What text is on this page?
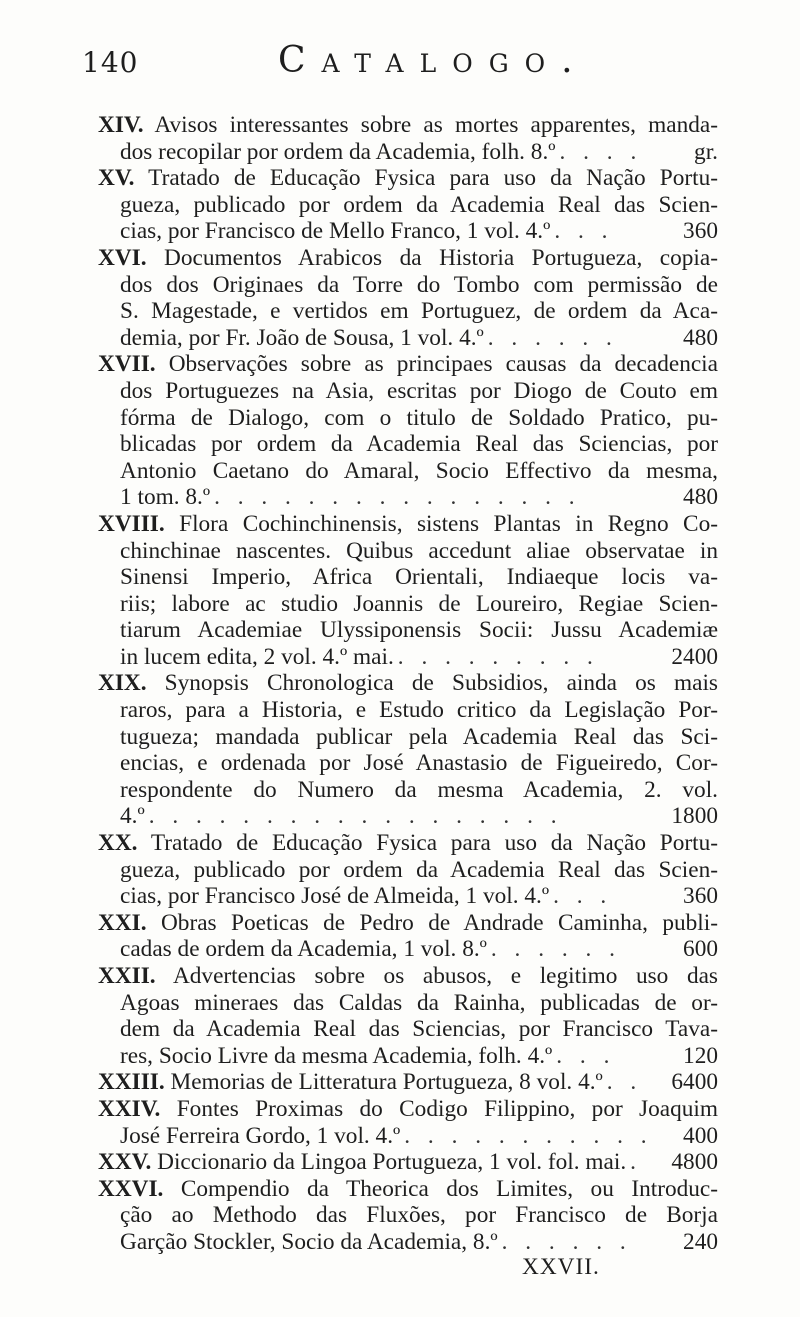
140	Catalogo.
XIV. Avisos interessantes sobre as mortes apparentes, manda-
dos recopilar por ordem da Academia, folh. 8.º . . . .	gr.
XV. Tratado de Educação Fysica para uso da Nação Portu-
gueza, publicado por ordem da Academia Real das Scien-
cias, por Francisco de Mello Franco, 1 vol. 4.º . . .	360
XVI. Documentos Arabicos da Historia Portugueza, copia-
dos dos Originaes da Torre do Tombo com permissão de
S. Magestade, e vertidos em Portuguez, de ordem da Aca-
demia, por Fr. João de Sousa, 1 vol. 4.º . . . . . .	480
XVII. Observações sobre as principaes causas da decadencia
dos Portuguezes na Asia, escritas por Diogo de Couto em
fórma de Dialogo, com o titulo de Soldado Pratico, pu-
blicadas por ordem da Academia Real das Sciencias, por
Antonio Caetano do Amaral, Socio Effectivo da mesma,
1 tom. 8.º . . . . . . . . . . . . . . . .	480
XVIII. Flora Cochinchinensis, sistens Plantas in Regno Co-
chinchinae nascentes. Quibus accedunt aliae observatae in
Sinensi Imperio, Africa Orientali, Indiaeque locis va-
riis; labore ac studio Joannis de Loureiro, Regiae Scien-
tiarum Academiae Ulyssiponensis Socii: Jussu Academiæ
in lucem edita, 2 vol. 4.º mai. . . . . . . . . .	2400
XIX. Synopsis Chronologica de Subsidios, ainda os mais
raros, para a Historia, e Estudo critico da Legislação Por-
tugueza; mandada publicar pela Academia Real das Sci-
encias, e ordenada por José Anastasio de Figueiredo, Cor-
respondente do Numero da mesma Academia, 2. vol.
4.º . . . . . . . . . . . . . . . . . .	1800
XX. Tratado de Educação Fysica para uso da Nação Portu-
gueza, publicado por ordem da Academia Real das Scien-
cias, por Francisco José de Almeida, 1 vol. 4.º . . .	360
XXI. Obras Poeticas de Pedro de Andrade Caminha, publi-
cadas de ordem da Academia, 1 vol. 8.º . . . . . .	600
XXII. Advertencias sobre os abusos, e legitimo uso das
Agoas mineraes das Caldas da Rainha, publicadas de or-
dem da Academia Real das Sciencias, por Francisco Tava-
res, Socio Livre da mesma Academia, folh. 4.º . . .	120
XXIII. Memorias de Litteratura Portugueza, 8 vol. 4.º . .	6400
XXIV. Fontes Proximas do Codigo Filippino, por Joaquim
José Ferreira Gordo, 1 vol. 4.º . . . . . . . . . . .	400
XXV. Diccionario da Lingoa Portugueza, 1 vol. fol. mai. .	4800
XXVI. Compendio da Theorica dos Limites, ou Introduc-
ção ao Methodo das Fluxões, por Francisco de Borja
Garção Stockler, Socio da Academia, 8.º . . . . . .	240
XXVII.
